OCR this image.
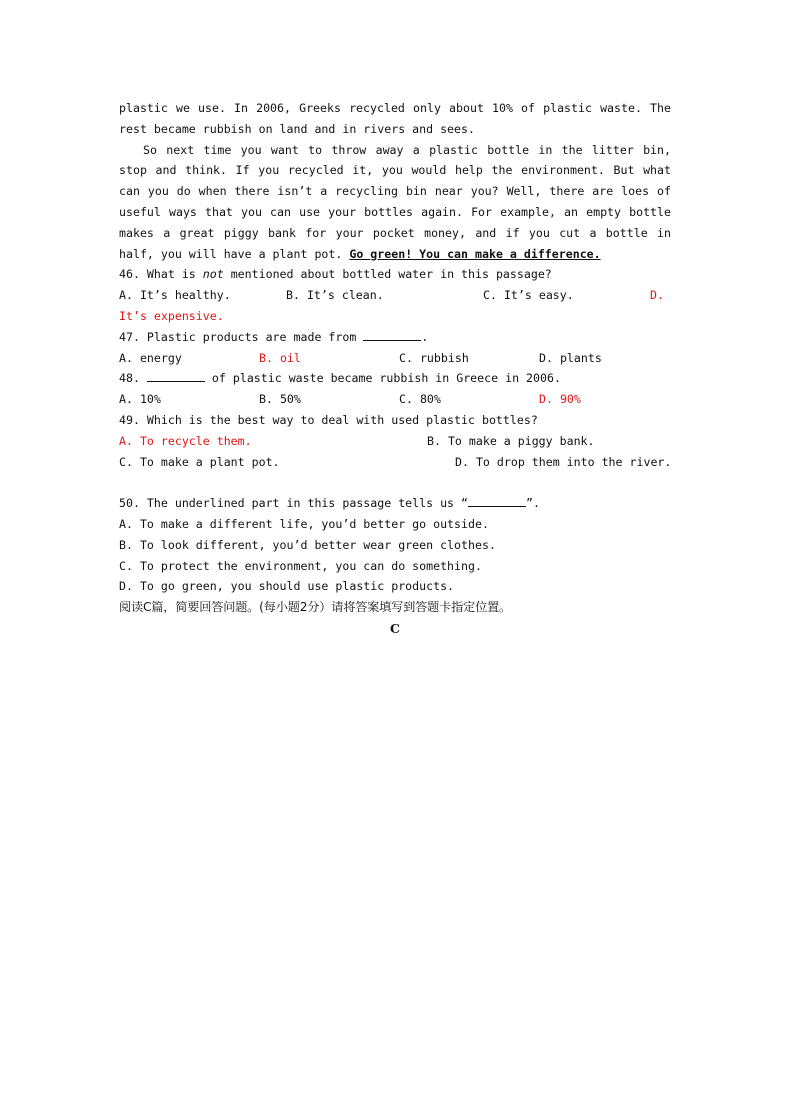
plastic we use. In 2006, Greeks recycled only about 10% of plastic waste. The
rest became rubbish on land and in rivers and sees.
So next time you want to throw away a plastic bottle in the litter bin,
stop and think. If you recycled it, you would help the environment. But what
can you do when there isn’t a recycling bin near you? Well, there are loes of
useful ways that you can use your bottles again. For example, an empty bottle
makes a great piggy bank for your pocket money, and if you cut a bottle in
half, you will have a plant pot. Go green! You can make a difference.
46. What is not mentioned about bottled water in this passage?
A. It’s healthy.	B. It’s clean.	C. It’s easy.	D.
It’s expensive.
47. Plastic products are made from	.
A. energy	B. oil	C. rubbish	D. plants
48.	of plastic waste became rubbish in Greece in 2006.
A. 10%	B. 50%	C. 80%	D. 90%
49. Which is the best way to deal with used plastic bottles?
A. To recycle them.	B. To make a piggy bank.
C. To make a plant pot.	D. To drop them into the river.
50. The underlined part in this passage tells us “	”.
A. To make a different life, you’d better go outside.
B. To look different, you’d better wear green clothes.
C. To protect the environment, you can do something.
D. To go green, you should use plastic products.
阅读C篇，简要回答问题。(每小题2分）请将答案填写到答题卡指定位置。
C
